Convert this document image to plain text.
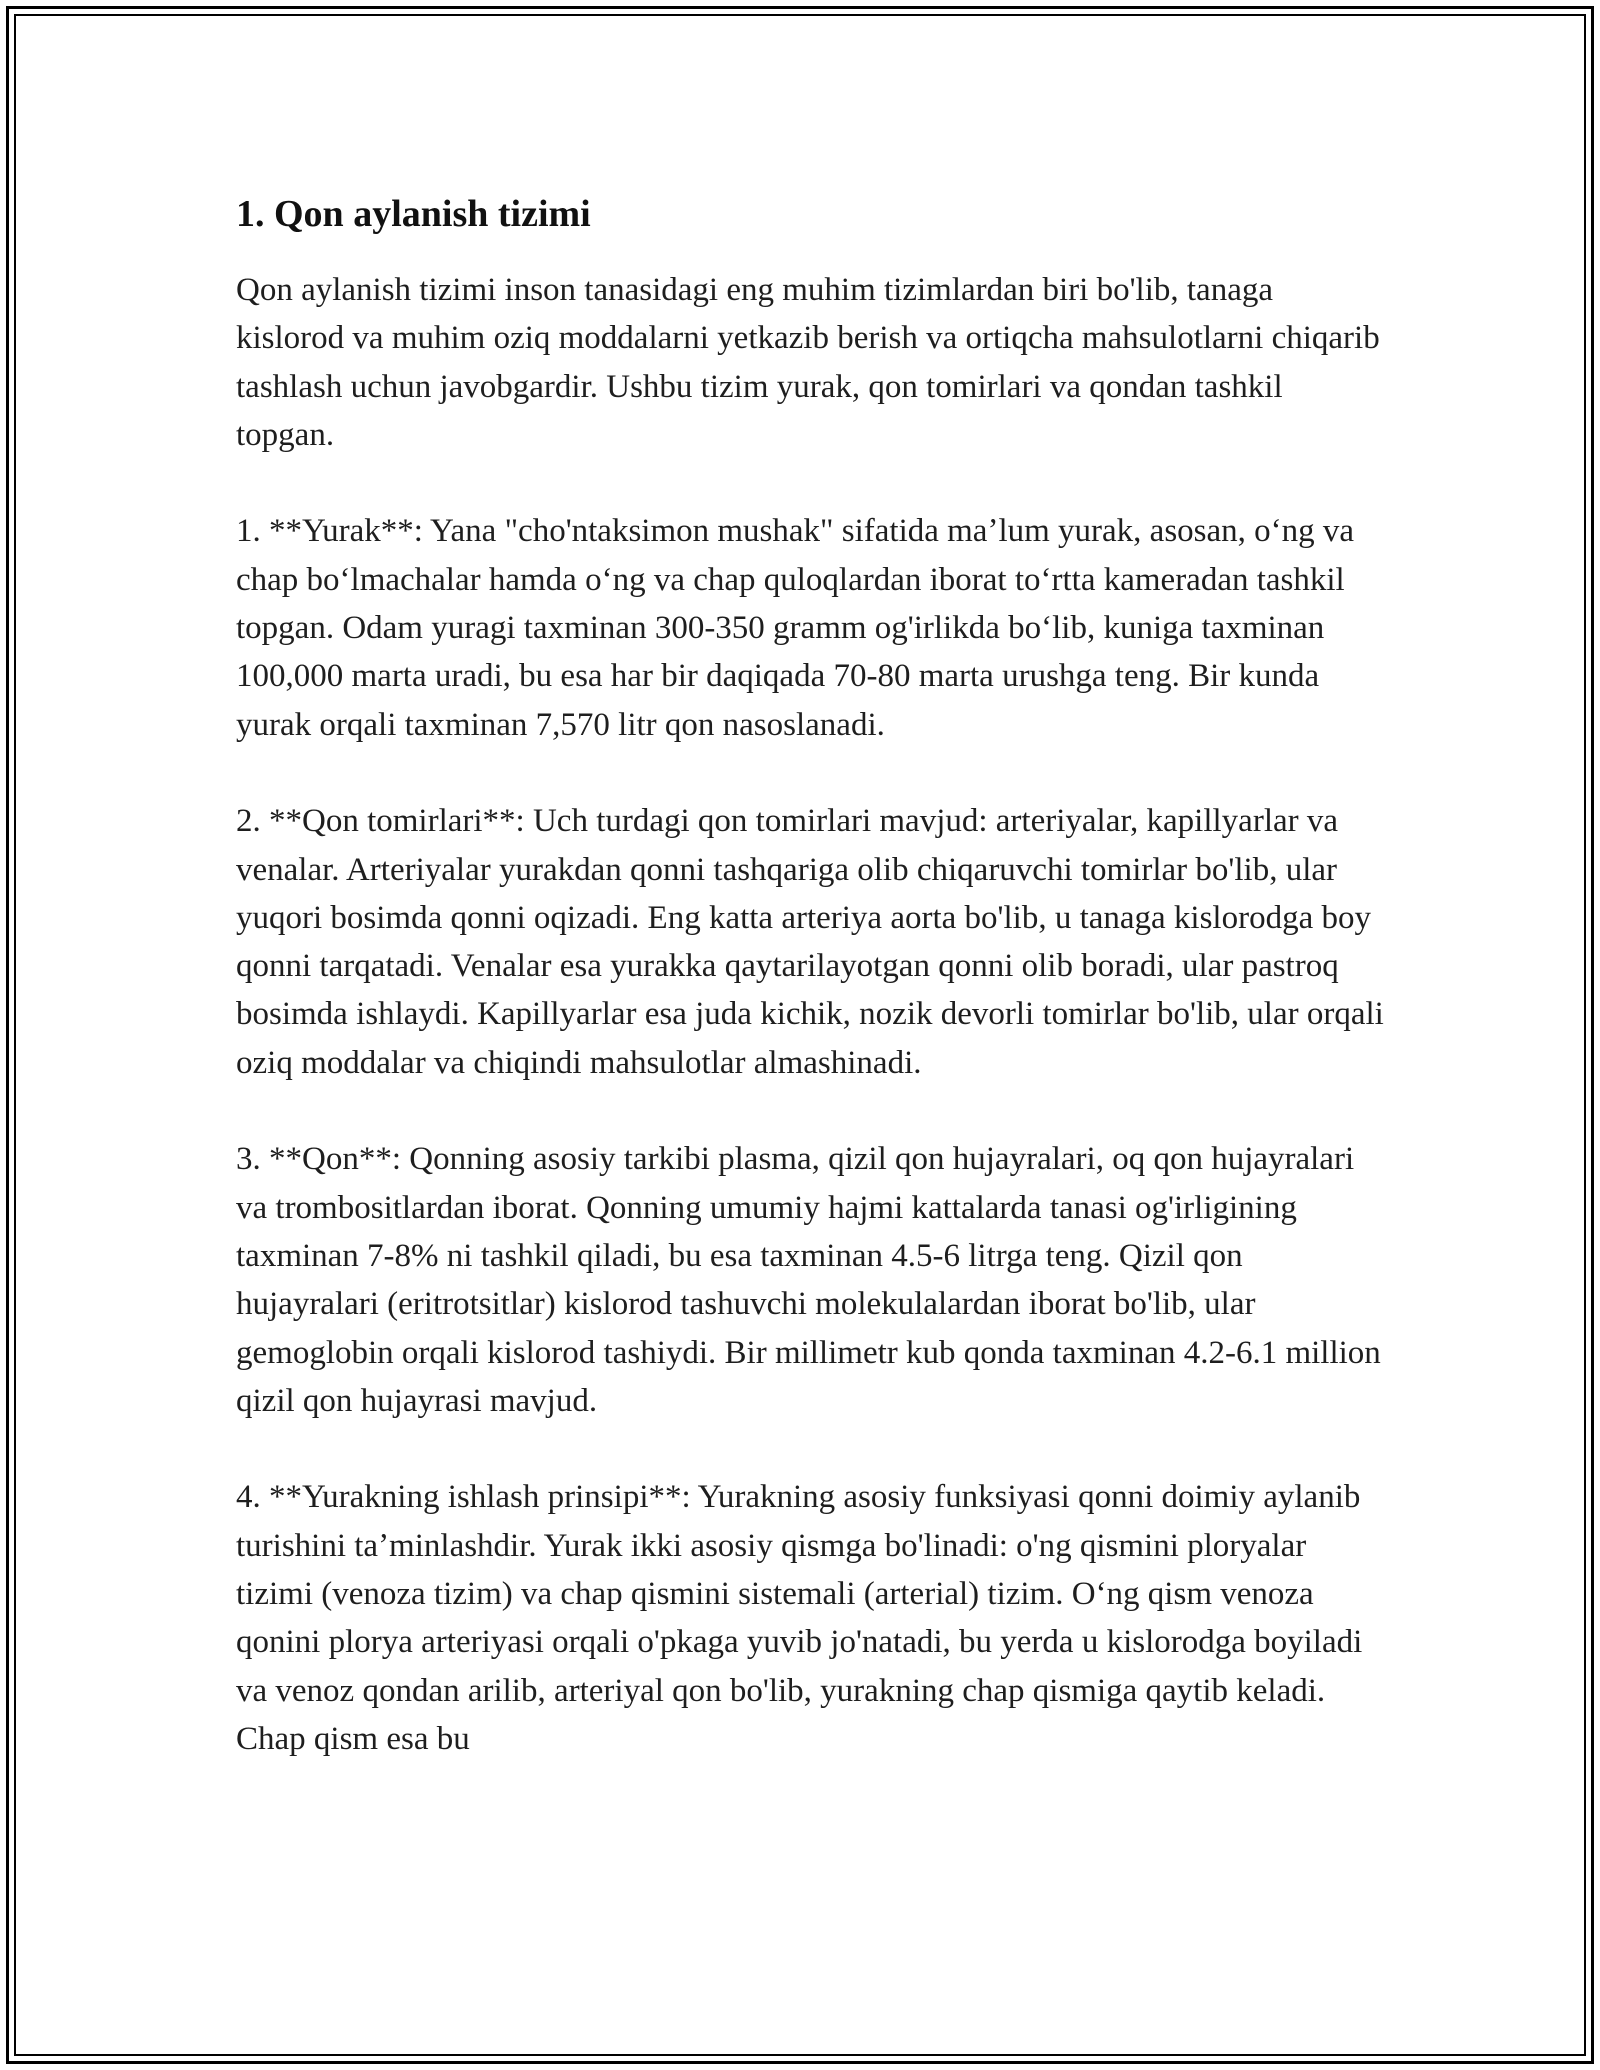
1. Qon aylanish tizimi

Qon aylanish tizimi inson tanasidagi eng muhim tizimlardan biri bo'lib, tanaga kislorod va muhim oziq moddalarni yetkazib berish va ortiqcha mahsulotlarni chiqarib tashlash uchun javobgardir. Ushbu tizim yurak, qon tomirlari va qondan tashkil topgan.

1. **Yurak**: Yana "cho'ntaksimon mushak" sifatida maʼlum yurak, asosan, oʻng va chap boʻlmachalar hamda oʻng va chap quloqlardan iborat toʻrtta kameradan tashkil topgan. Odam yuragi taxminan 300-350 gramm og'irlikda boʻlib, kuniga taxminan 100,000 marta uradi, bu esa har bir daqiqada 70-80 marta urushga teng. Bir kunda yurak orqali taxminan 7,570 litr qon nasoslanadi.

2. **Qon tomirlari**: Uch turdagi qon tomirlari mavjud: arteriyalar, kapillyarlar va venalar. Arteriyalar yurakdan qonni tashqariga olib chiqaruvchi tomirlar bo'lib, ular yuqori bosimda qonni oqizadi. Eng katta arteriya aorta bo'lib, u tanaga kislorodga boy qonni tarqatadi. Venalar esa yurakka qaytarilayotgan qonni olib boradi, ular pastroq bosimda ishlaydi. Kapillyarlar esa juda kichik, nozik devorli tomirlar bo'lib, ular orqali oziq moddalar va chiqindi mahsulotlar almashinadi.

3. **Qon**: Qonning asosiy tarkibi plasma, qizil qon hujayralari, oq qon hujayralari va trombositlardan iborat. Qonning umumiy hajmi kattalarda tanasi og'irligining taxminan 7-8% ni tashkil qiladi, bu esa taxminan 4.5-6 litrga teng. Qizil qon hujayralari (eritrotsitlar) kislorod tashuvchi molekulalardan iborat bo'lib, ular gemoglobin orqali kislorod tashiydi. Bir millimetr kub qonda taxminan 4.2-6.1 million qizil qon hujayrasi mavjud.

4. **Yurakning ishlash prinsipi**: Yurakning asosiy funksiyasi qonni doimiy aylanib turishini taʼminlashdir. Yurak ikki asosiy qismga bo'linadi: o'ng qismini ploryalar tizimi (venoza tizim) va chap qismini sistemali (arterial) tizim. Oʻng qism venoza qonini plorya arteriyasi orqali o'pkaga yuvib jo'natadi, bu yerda u kislorodga boyiladi va venoz qondan arilib, arteriyal qon bo'lib, yurakning chap qismiga qaytib keladi. Chap qism esa bu
